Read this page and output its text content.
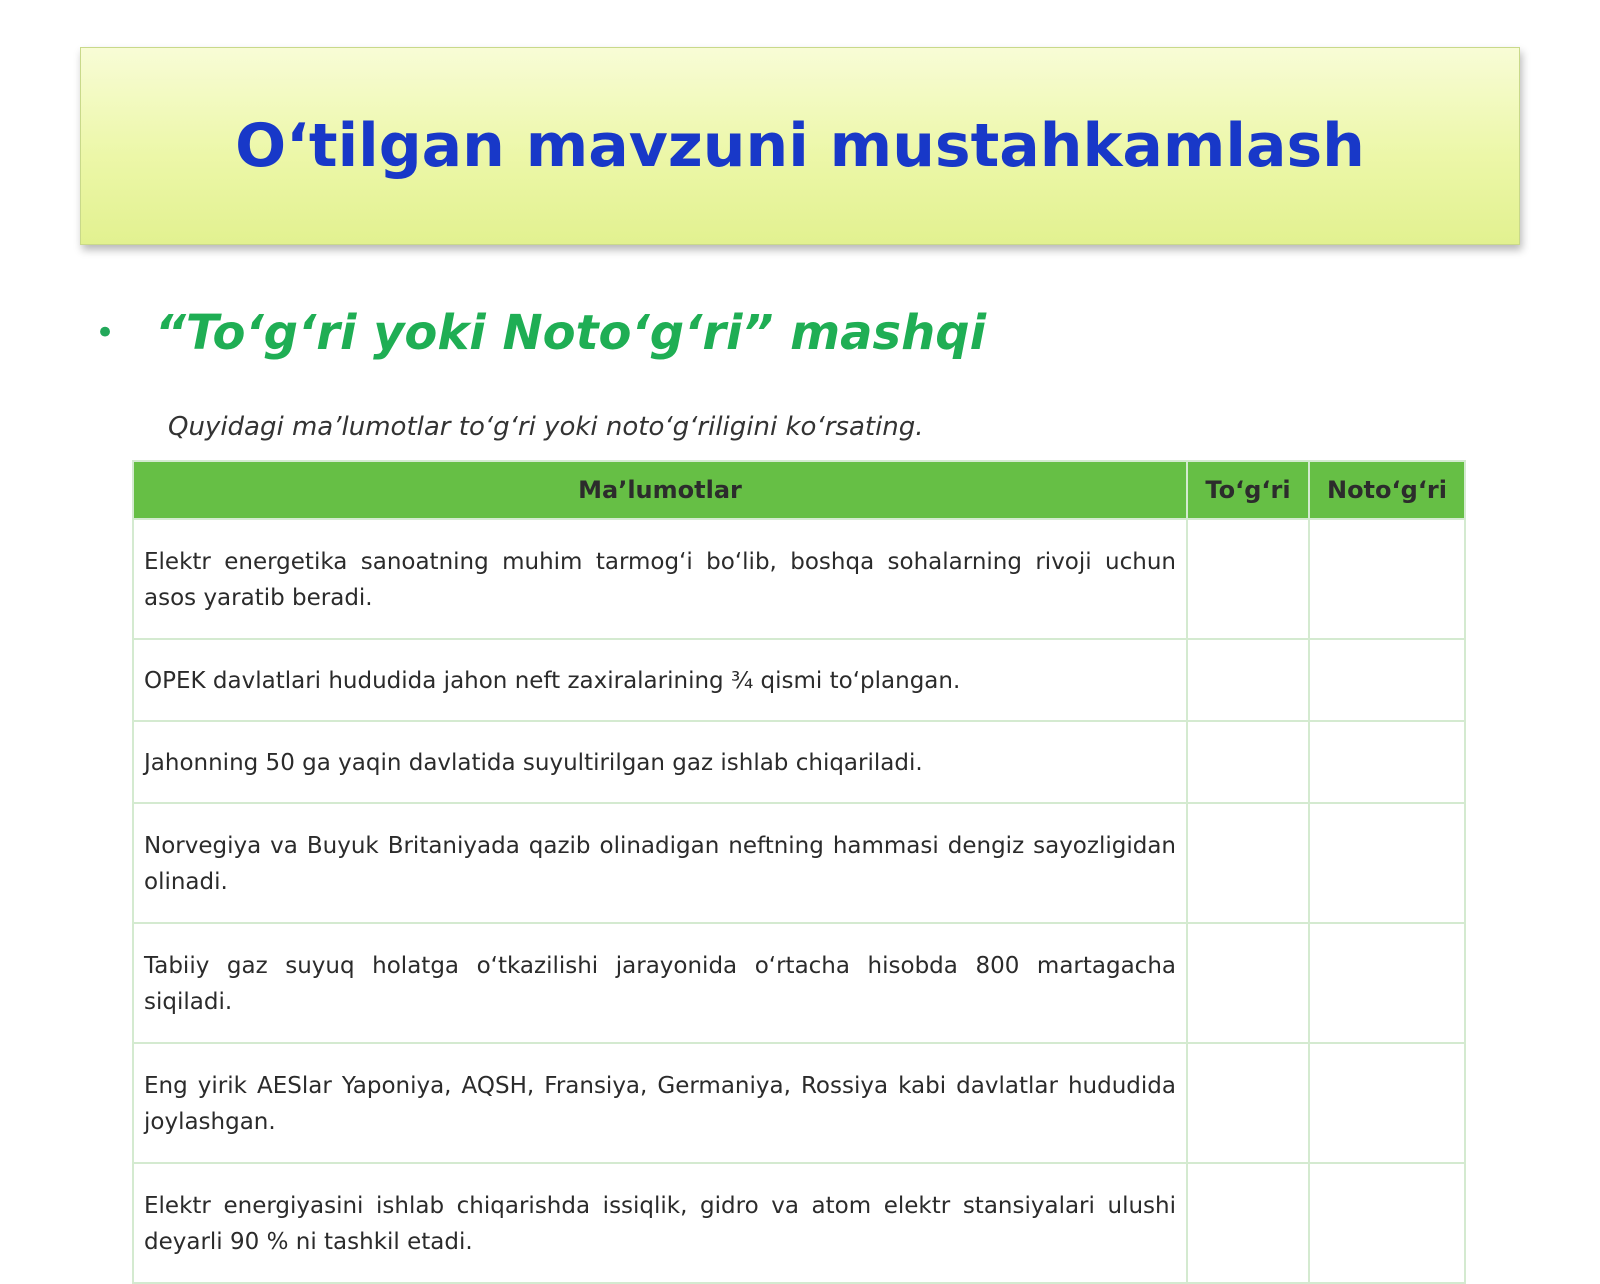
O‘tilgan mavzuni mustahkamlash
• “To‘g‘ri yoki Noto‘g‘ri” mashqi
Quyidagi ma’lumotlar to‘g‘ri yoki noto‘g‘riligini ko‘rsating.
Ma’lumotlar	To‘g‘ri	Noto‘g‘ri
Elektr energetika sanoatning muhim tarmog‘i bo‘lib, boshqa sohalarning rivoji uchun asos yaratib beradi.		
OPEK davlatlari hududida jahon neft zaxiralarining ¾ qismi to‘plangan.		
Jahonning 50 ga yaqin davlatida suyultirilgan gaz ishlab chiqariladi.		
Norvegiya va Buyuk Britaniyada qazib olinadigan neftning hammasi dengiz sayozligidan olinadi.		
Tabiiy gaz suyuq holatga o‘tkazilishi jarayonida o‘rtacha hisobda 800 martagacha siqiladi.		
Eng yirik AESlar Yaponiya, AQSH, Fransiya, Germaniya, Rossiya kabi davlatlar hududida joylashgan.		
Elektr energiyasini ishlab chiqarishda issiqlik, gidro va atom elektr stansiyalari ulushi deyarli 90 % ni tashkil etadi.		
